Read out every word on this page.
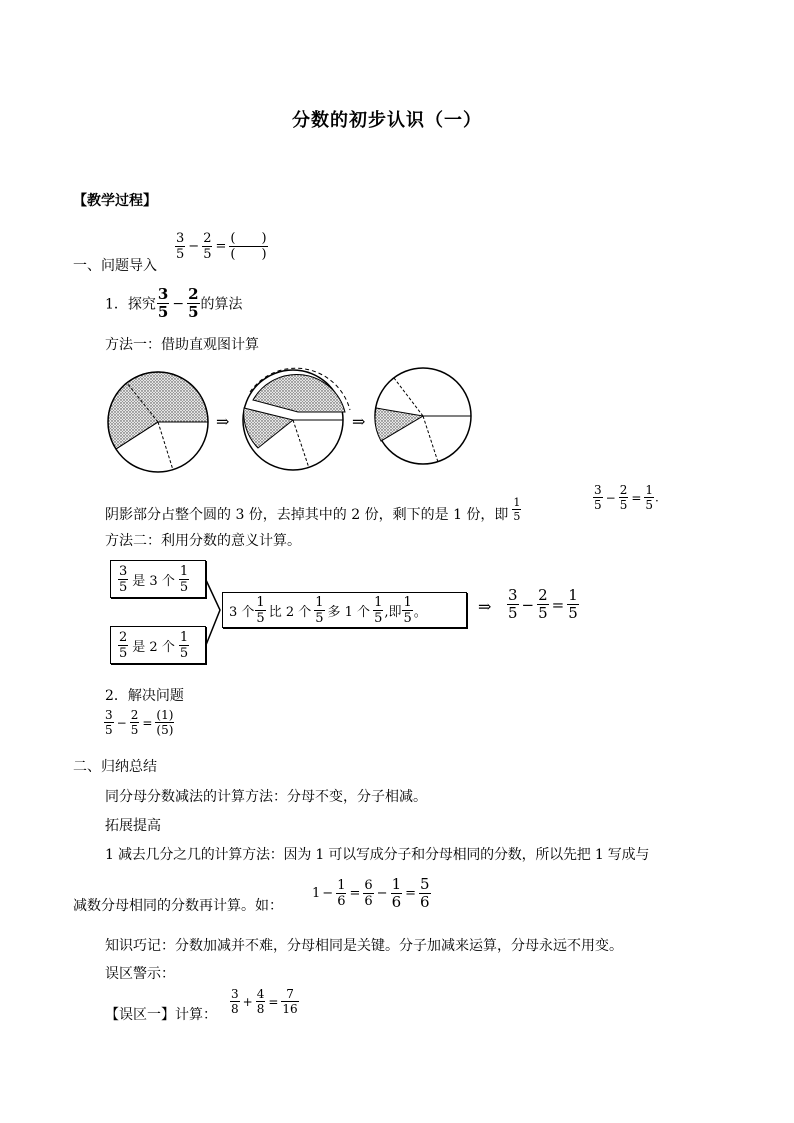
分数的初步认识（一）
【教学过程】
一、问题导入
$\frac{3}{5} - \frac{2}{5} = \frac{( )}{( )}$
1．探究 $\frac{3}{5} - \frac{2}{5}$ 的算法
方法一：借助直观图计算
⇒	⇒
阴影部分占整个圆的 3 份，去掉其中的 2 份，剩下的是 1 份，即 $\frac{1}{5}$	$\frac{3}{5} - \frac{2}{5} = \frac{1}{5}$ .
方法二：利用分数的意义计算。
$\frac{3}{5}$ 是 3 个 $\frac{1}{5}$
$\frac{2}{5}$ 是 2 个 $\frac{1}{5}$
3 个 $\frac{1}{5}$ 比 2 个 $\frac{1}{5}$ 多 1 个 $\frac{1}{5}$ ,即 $\frac{1}{5}$ 。	⇒ $\frac{3}{5} - \frac{2}{5} = \frac{1}{5}$
2．解决问题
$\frac{3}{5} - \frac{2}{5} = \frac{(1)}{(5)}$
二、归纳总结
同分母分数减法的计算方法：分母不变，分子相减。
拓展提高
1 减去几分之几的计算方法：因为 1 可以写成分子和分母相同的分数，所以先把 1 写成与
减数分母相同的分数再计算。如：
$1 - \frac{1}{6} = \frac{6}{6} - \frac{1}{6} = \frac{5}{6}$
知识巧记：分数加减并不难，分母相同是关键。分子加减来运算，分母永远不用变。
误区警示：
【误区一】计算： $\frac{3}{8} + \frac{4}{8} = \frac{7}{16}$
